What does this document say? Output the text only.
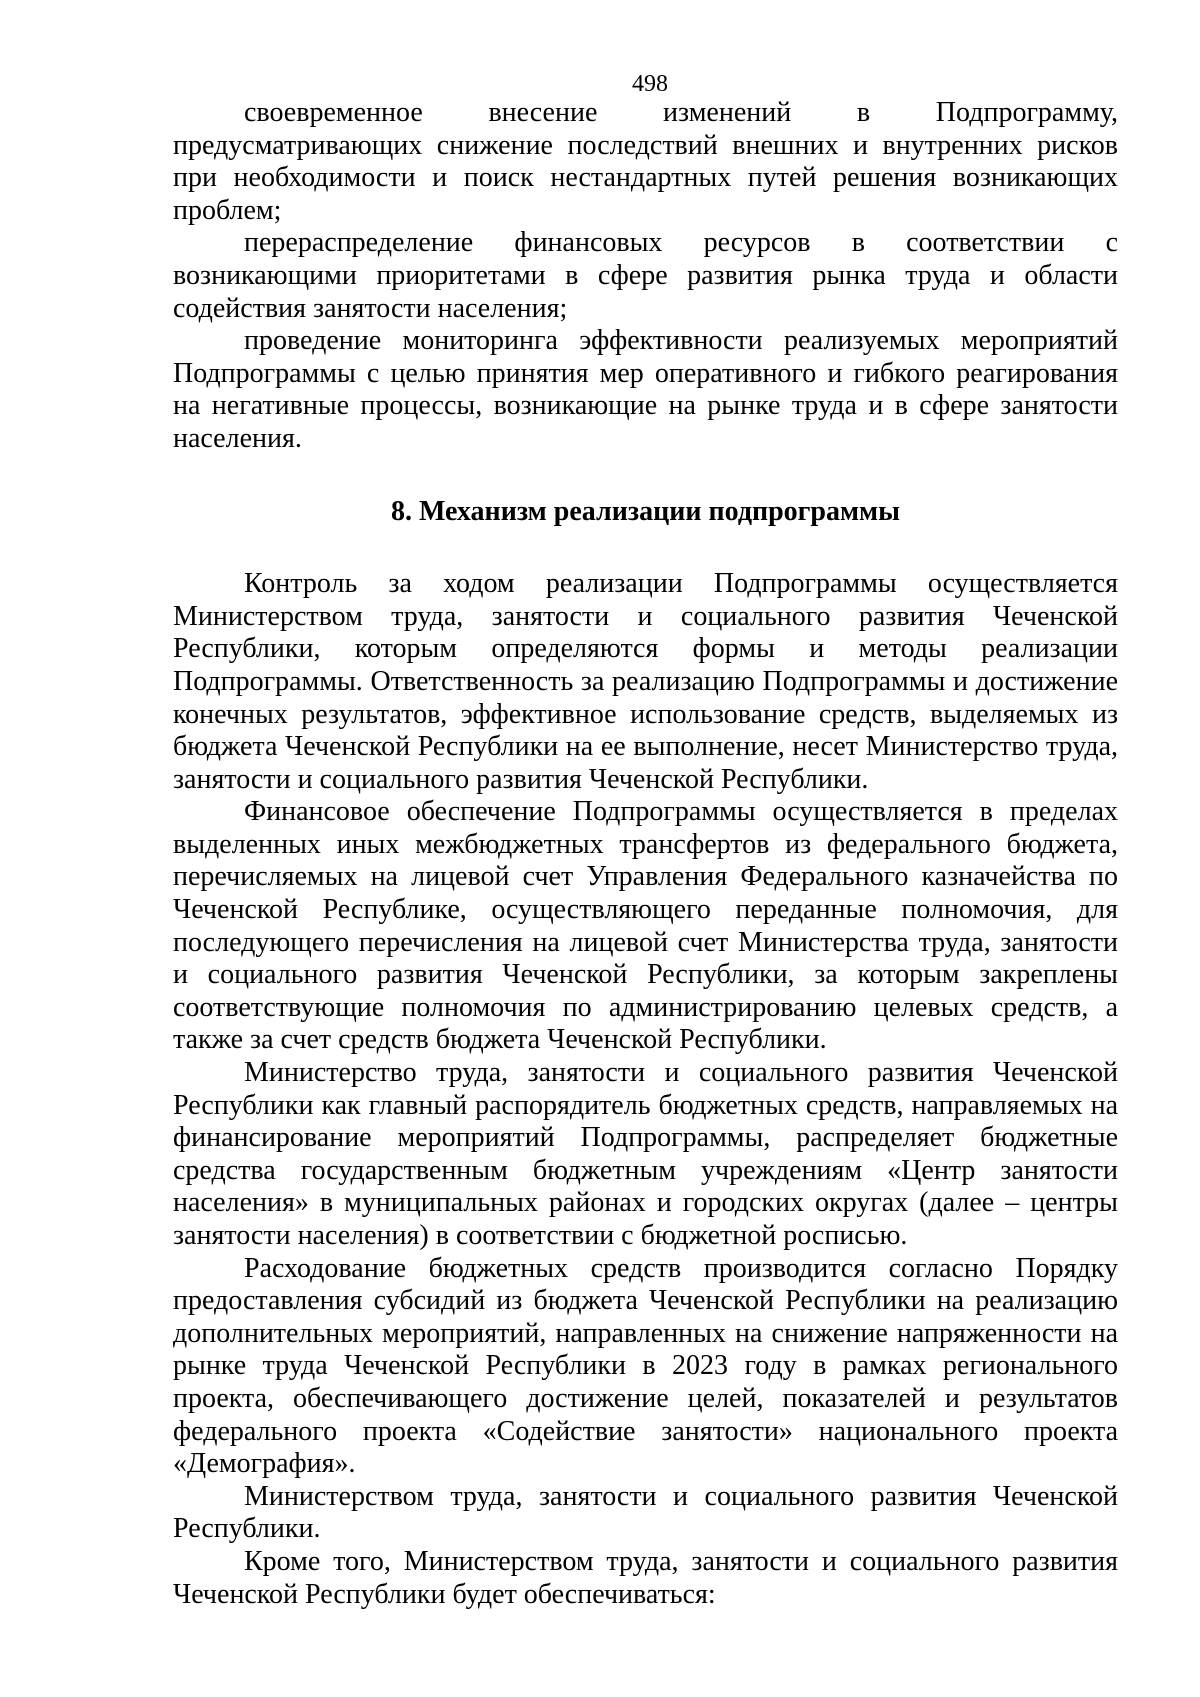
498

своевременное внесение изменений в Подпрограмму, предусматривающих снижение последствий внешних и внутренних рисков при необходимости и поиск нестандартных путей решения возникающих проблем;

перераспределение финансовых ресурсов в соответствии с возникающими приоритетами в сфере развития рынка труда и области содействия занятости населения;

проведение мониторинга эффективности реализуемых мероприятий Подпрограммы с целью принятия мер оперативного и гибкого реагирования на негативные процессы, возникающие на рынке труда и в сфере занятости населения.

8. Механизм реализации подпрограммы

Контроль за ходом реализации Подпрограммы осуществляется Министерством труда, занятости и социального развития Чеченской Республики, которым определяются формы и методы реализации Подпрограммы. Ответственность за реализацию Подпрограммы и достижение конечных результатов, эффективное использование средств, выделяемых из бюджета Чеченской Республики на ее выполнение, несет Министерство труда, занятости и социального развития Чеченской Республики.

Финансовое обеспечение Подпрограммы осуществляется в пределах выделенных иных межбюджетных трансфертов из федерального бюджета, перечисляемых на лицевой счет Управления Федерального казначейства по Чеченской Республике, осуществляющего переданные полномочия, для последующего перечисления на лицевой счет Министерства труда, занятости и социального развития Чеченской Республики, за которым закреплены соответствующие полномочия по администрированию целевых средств, а также за счет средств бюджета Чеченской Республики.

Министерство труда, занятости и социального развития Чеченской Республики как главный распорядитель бюджетных средств, направляемых на финансирование мероприятий Подпрограммы, распределяет бюджетные средства государственным бюджетным учреждениям «Центр занятости населения» в муниципальных районах и городских округах (далее – центры занятости населения) в соответствии с бюджетной росписью.

Расходование бюджетных средств производится согласно Порядку предоставления субсидий из бюджета Чеченской Республики на реализацию дополнительных мероприятий, направленных на снижение напряженности на рынке труда Чеченской Республики в 2023 году в рамках регионального проекта, обеспечивающего достижение целей, показателей и результатов федерального проекта «Содействие занятости» национального проекта «Демография».

Министерством труда, занятости и социального развития Чеченской Республики.

Кроме того, Министерством труда, занятости и социального развития Чеченской Республики будет обеспечиваться:
